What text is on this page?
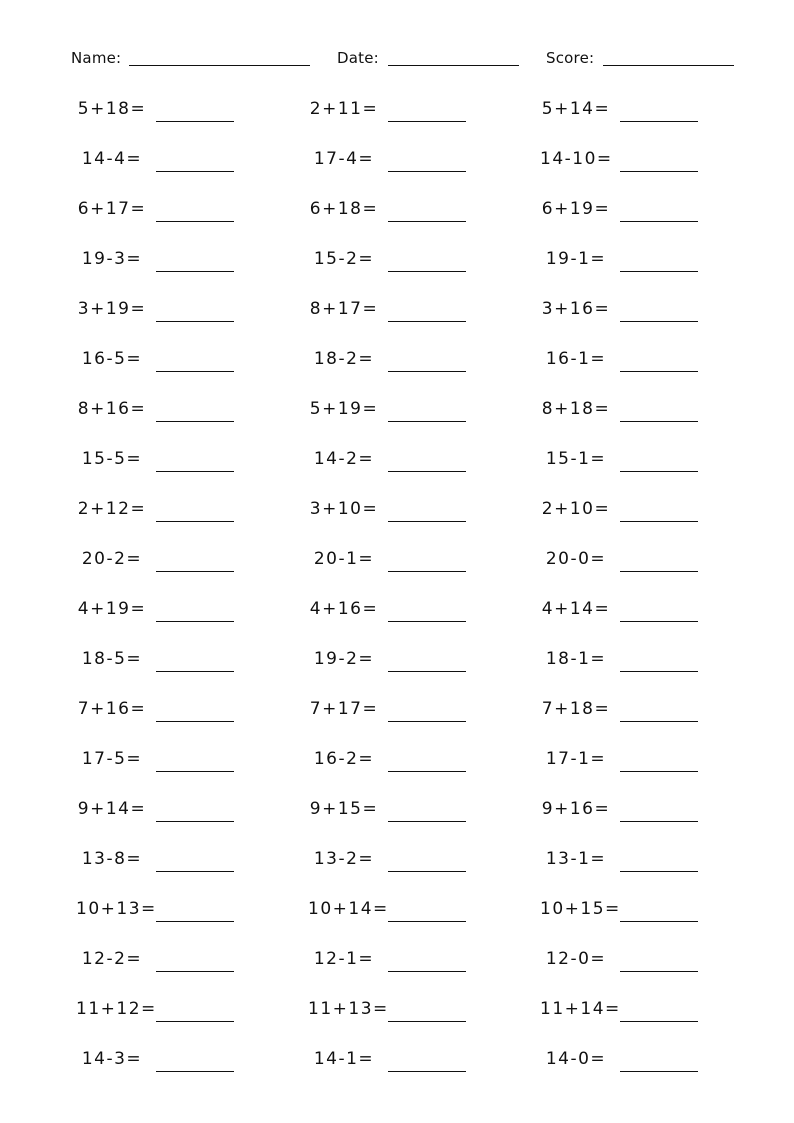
Name:	Date:	Score:
5+18=
14-4=
6+17=
19-3=
3+19=
16-5=
8+16=
15-5=
2+12=
20-2=
4+19=
18-5=
7+16=
17-5=
9+14=
13-8=
10+13=
12-2=
11+12=
14-3=
2+11=
17-4=
6+18=
15-2=
8+17=
18-2=
5+19=
14-2=
3+10=
20-1=
4+16=
19-2=
7+17=
16-2=
9+15=
13-2=
10+14=
12-1=
11+13=
14-1=
5+14=
14-10=
6+19=
19-1=
3+16=
16-1=
8+18=
15-1=
2+10=
20-0=
4+14=
18-1=
7+18=
17-1=
9+16=
13-1=
10+15=
12-0=
11+14=
14-0=
